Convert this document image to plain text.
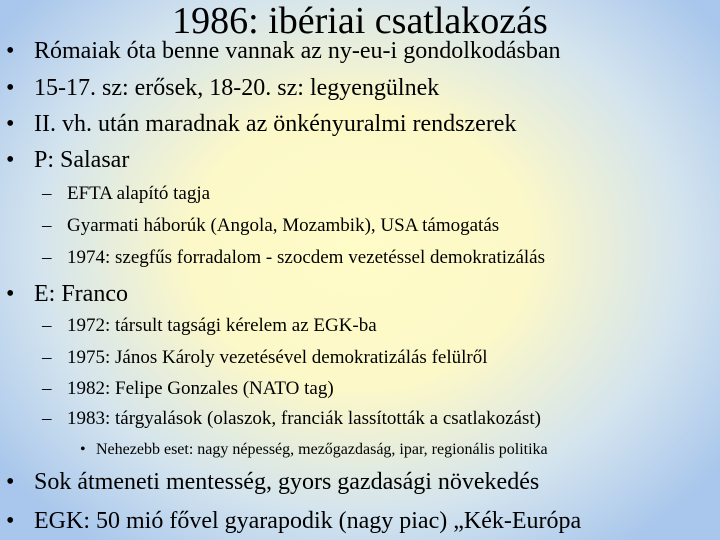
1986: ibériai csatlakozás
• Rómaiak óta benne vannak az ny-eu-i gondolkodásban
• 15-17. sz: erősek, 18-20. sz: legyengülnek
• II. vh. után maradnak az önkényuralmi rendszerek
• P: Salasar
– EFTA alapító tagja
– Gyarmati háborúk (Angola, Mozambik), USA támogatás
– 1974: szegfűs forradalom - szocdem vezetéssel demokratizálás
• E: Franco
– 1972: társult tagsági kérelem az EGK-ba
– 1975: János Károly vezetésével demokratizálás felülről
– 1982: Felipe Gonzales (NATO tag)
– 1983: tárgyalások (olaszok, franciák lassították a csatlakozást)
• Nehezebb eset: nagy népesség, mezőgazdaság, ipar, regionális politika
• Sok átmeneti mentesség, gyors gazdasági növekedés
• EGK: 50 mió fővel gyarapodik (nagy piac) „Kék-Európa
